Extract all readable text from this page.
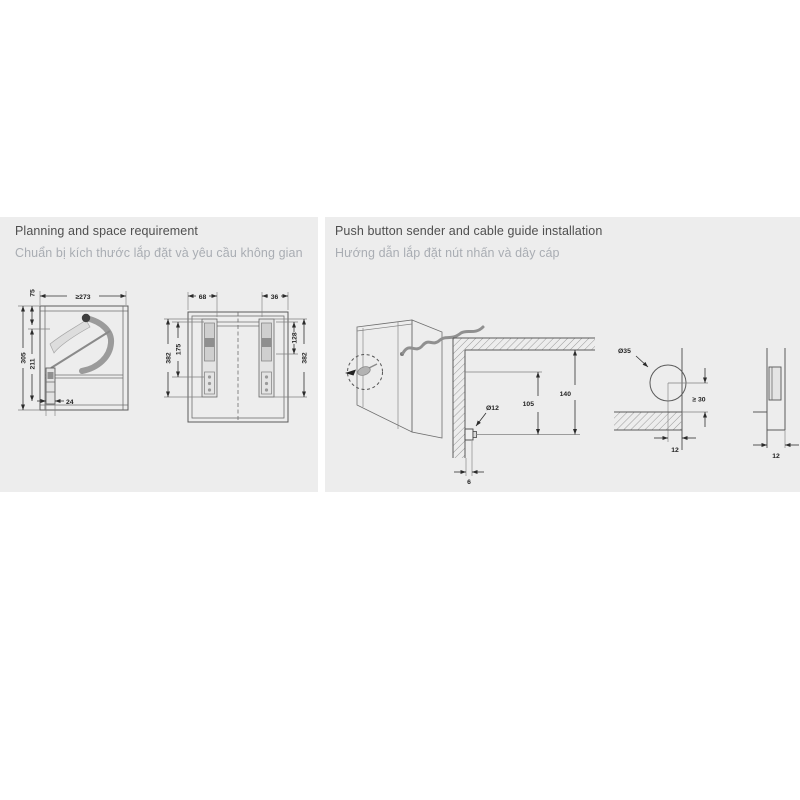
Planning and space requirement
Chuẩn bị kích thước lắp đặt và yêu cầu không gian
Push button sender and cable guide installation
Hướng dẫn lắp đặt nút nhấn và dây cáp
≥273
305
211
75
24
68	36
382
175
128
382
105
140
Ø12
6
Ø35
≥ 30
12
12
